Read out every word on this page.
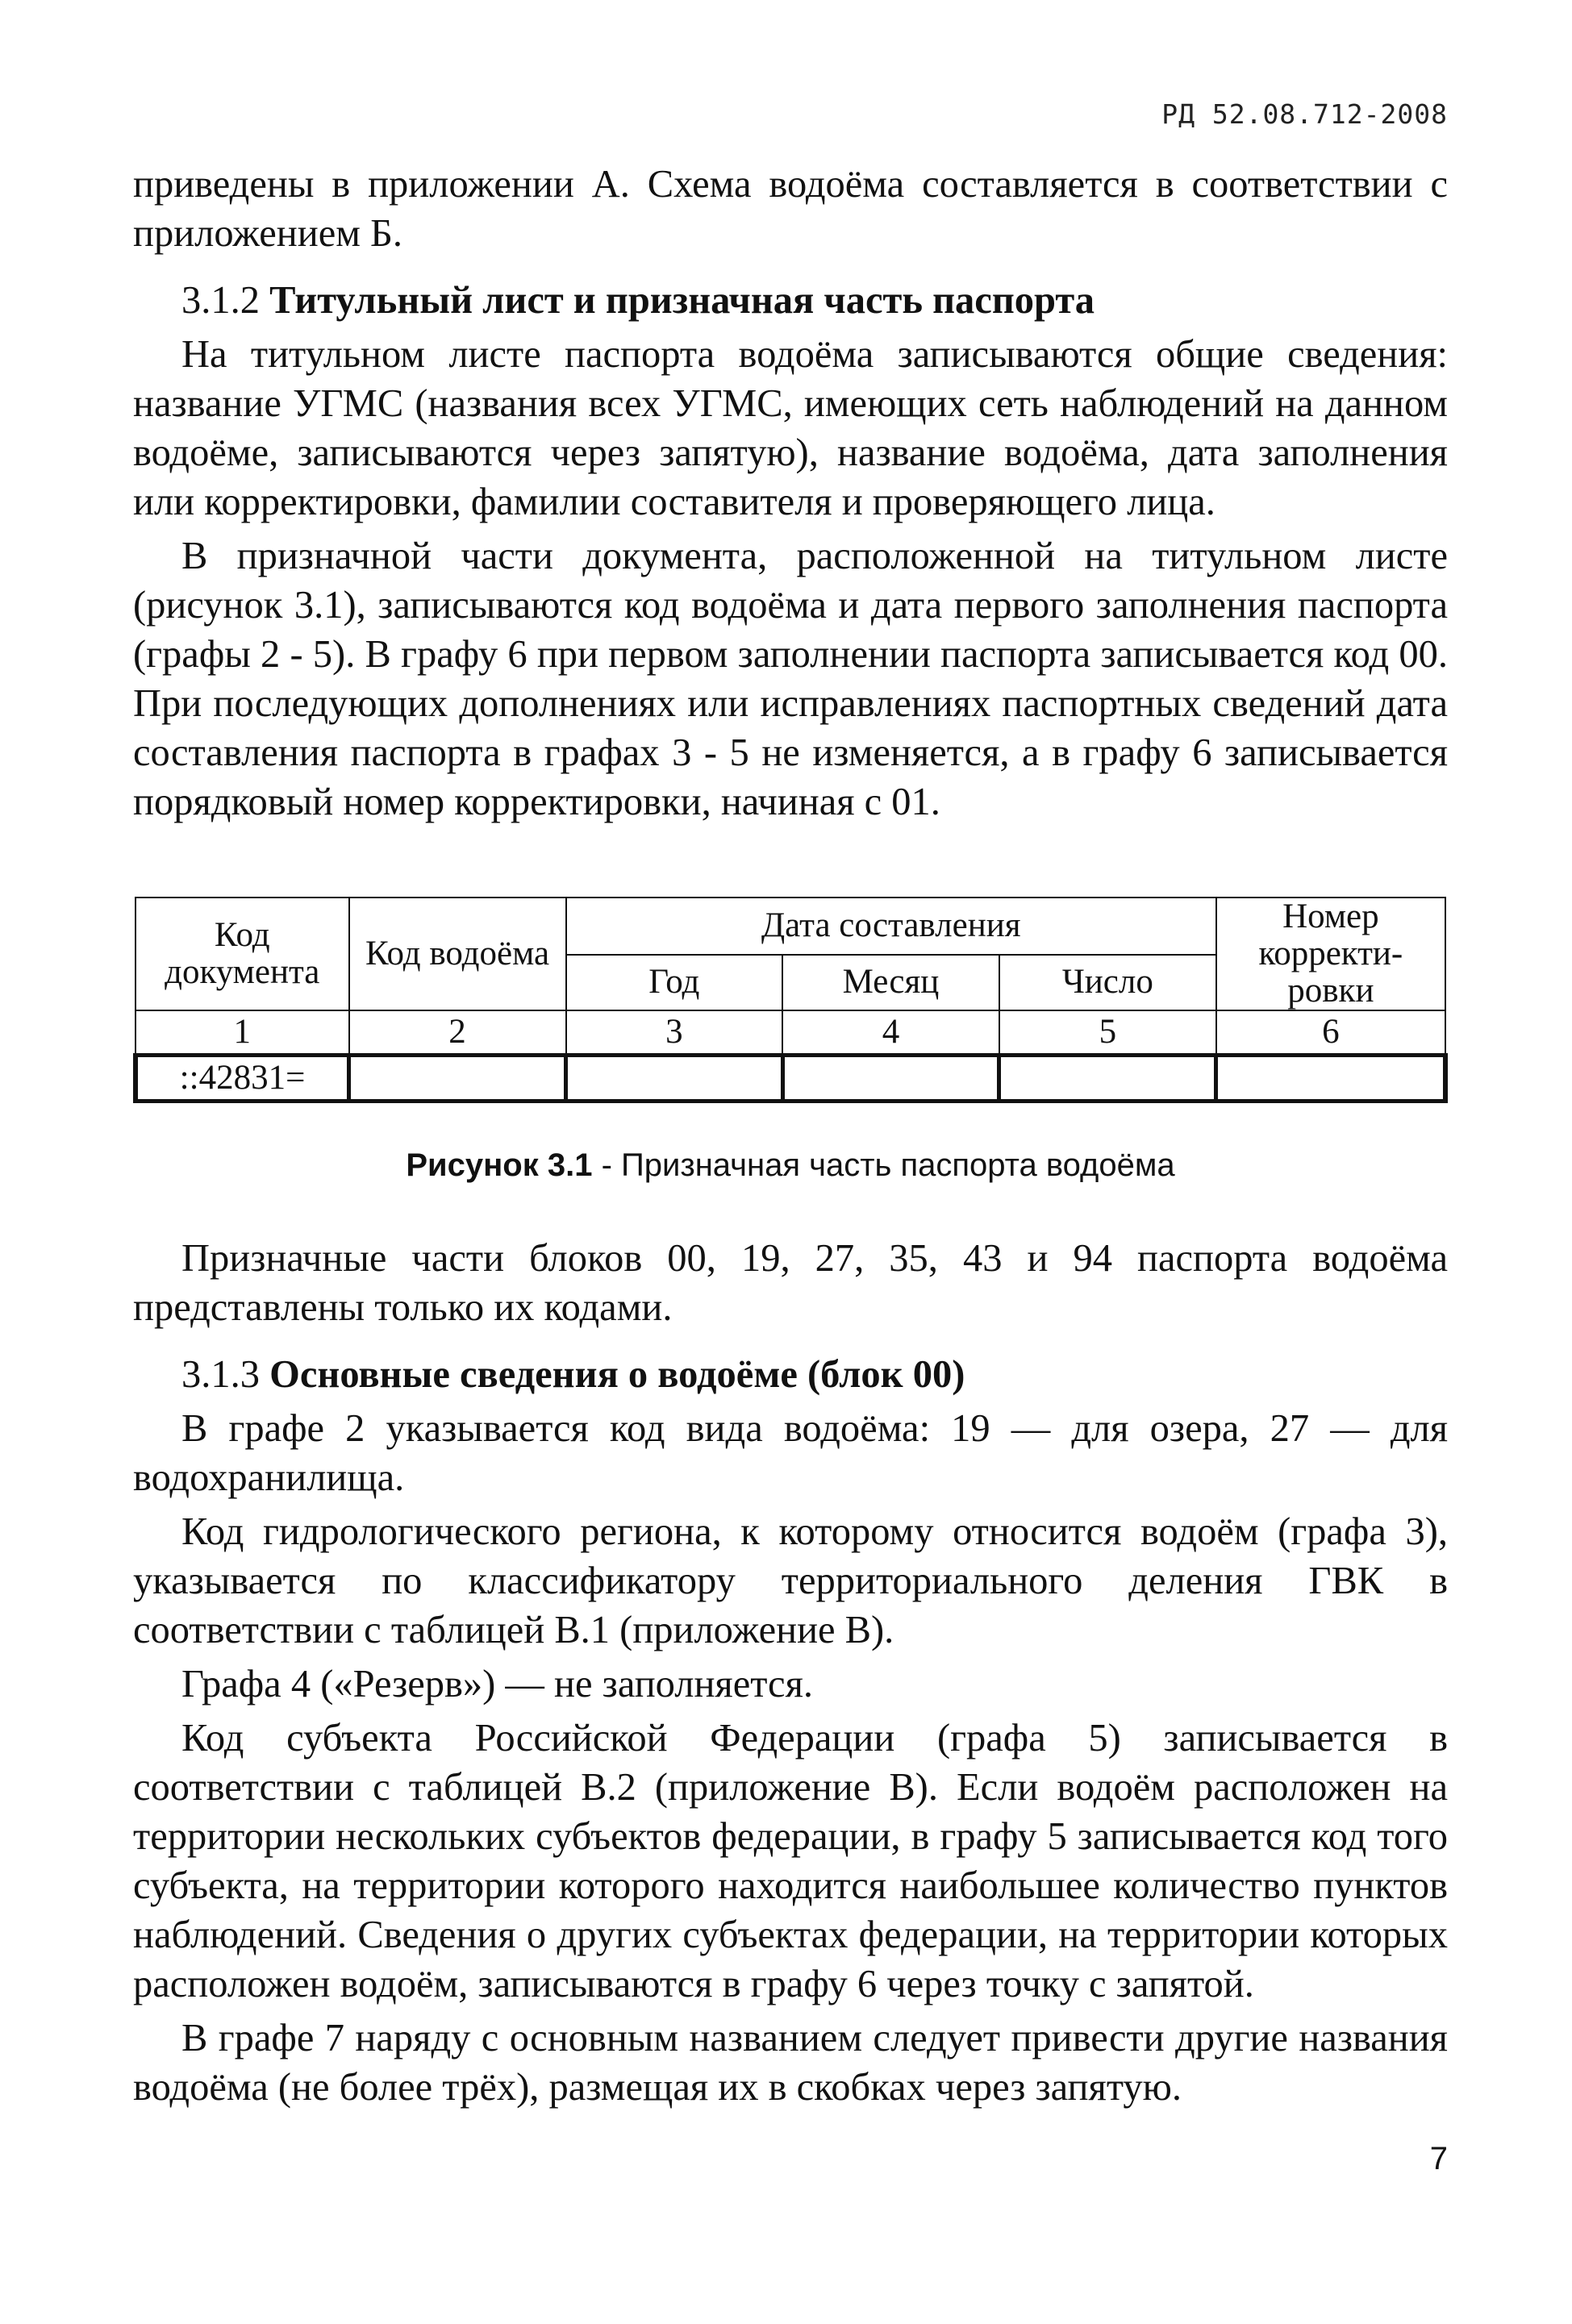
РД 52.08.712-2008

приведены в приложении А. Схема водоёма составляется в соответствии с приложением Б.

3.1.2 Титульный лист и призначная часть паспорта

На титульном листе паспорта водоёма записываются общие сведения: название УГМС (названия всех УГМС, имеющих сеть наблюдений на данном водоёме, записываются через запятую), название водоёма, дата заполнения или корректировки, фамилии составителя и проверяющего лица.

В призначной части документа, расположенной на титульном листе (рисунок 3.1), записываются код водоёма и дата первого заполнения паспорта (графы 2 - 5). В графу 6 при первом заполнении паспорта записывается код 00. При последующих дополнениях или исправлениях паспортных сведений дата составления паспорта в графах 3 - 5 не изменяется, а в графу 6 записывается порядковый номер корректировки, начиная с 01.

Код документа	Код водоёма	Дата составления			Номер корректи-ровки
		Год	Месяц	Число	
1	2	3	4	5	6
::42831=					
Рисунок 3.1 - Призначная часть паспорта водоёма

Призначные части блоков 00, 19, 27, 35, 43 и 94 паспорта водоёма представлены только их кодами.

3.1.3 Основные сведения о водоёме (блок 00)

В графе 2 указывается код вида водоёма: 19 — для озера, 27 — для водохранилища.

Код гидрологического региона, к которому относится водоём (графа 3), указывается по классификатору территориального деления ГВК в соответствии с таблицей В.1 (приложение В).

Графа 4 («Резерв») — не заполняется.

Код субъекта Российской Федерации (графа 5) записывается в соответствии с таблицей В.2 (приложение В). Если водоём расположен на территории нескольких субъектов федерации, в графу 5 записывается код того субъекта, на территории которого находится наибольшее количество пунктов наблюдений. Сведения о других субъектах федерации, на территории которых расположен водоём, записываются в графу 6 через точку с запятой.

В графе 7 наряду с основным названием следует привести другие названия водоёма (не более трёх), размещая их в скобках через запятую.

7
